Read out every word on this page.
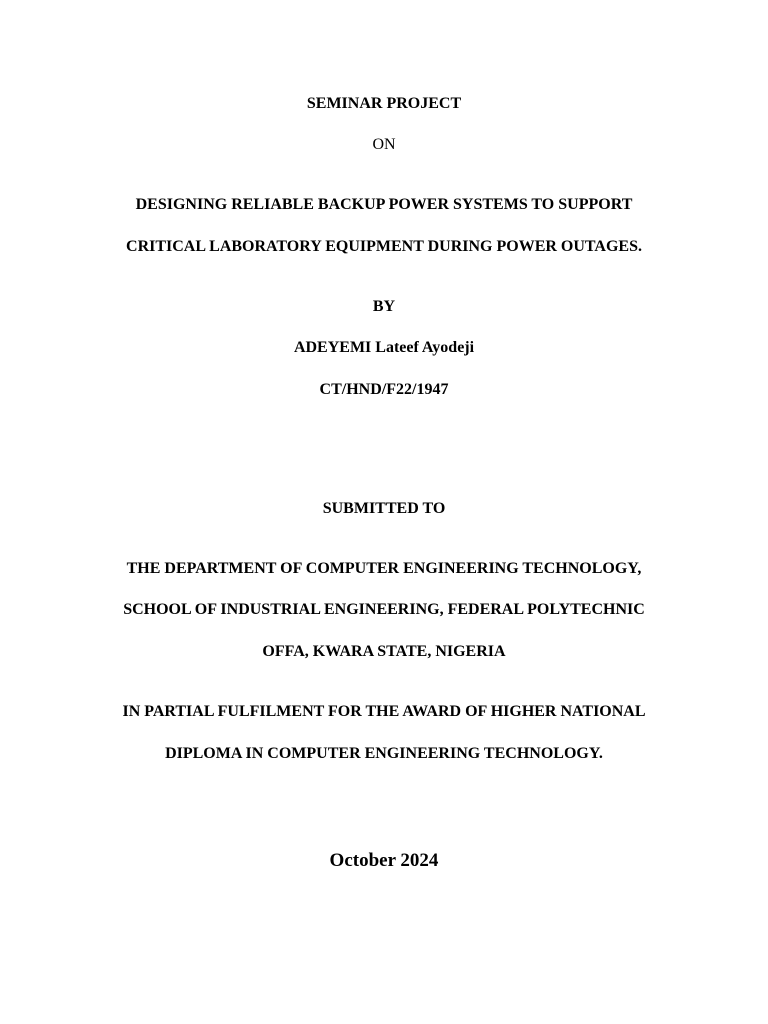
SEMINAR PROJECT
ON
DESIGNING RELIABLE BACKUP POWER SYSTEMS TO SUPPORT
CRITICAL LABORATORY EQUIPMENT DURING POWER OUTAGES.
BY
ADEYEMI Lateef Ayodeji
CT/HND/F22/1947
SUBMITTED TO
THE DEPARTMENT OF COMPUTER ENGINEERING TECHNOLOGY,
SCHOOL OF INDUSTRIAL ENGINEERING, FEDERAL POLYTECHNIC
OFFA, KWARA STATE, NIGERIA
IN PARTIAL FULFILMENT FOR THE AWARD OF HIGHER NATIONAL
DIPLOMA IN COMPUTER ENGINEERING TECHNOLOGY.
October 2024
